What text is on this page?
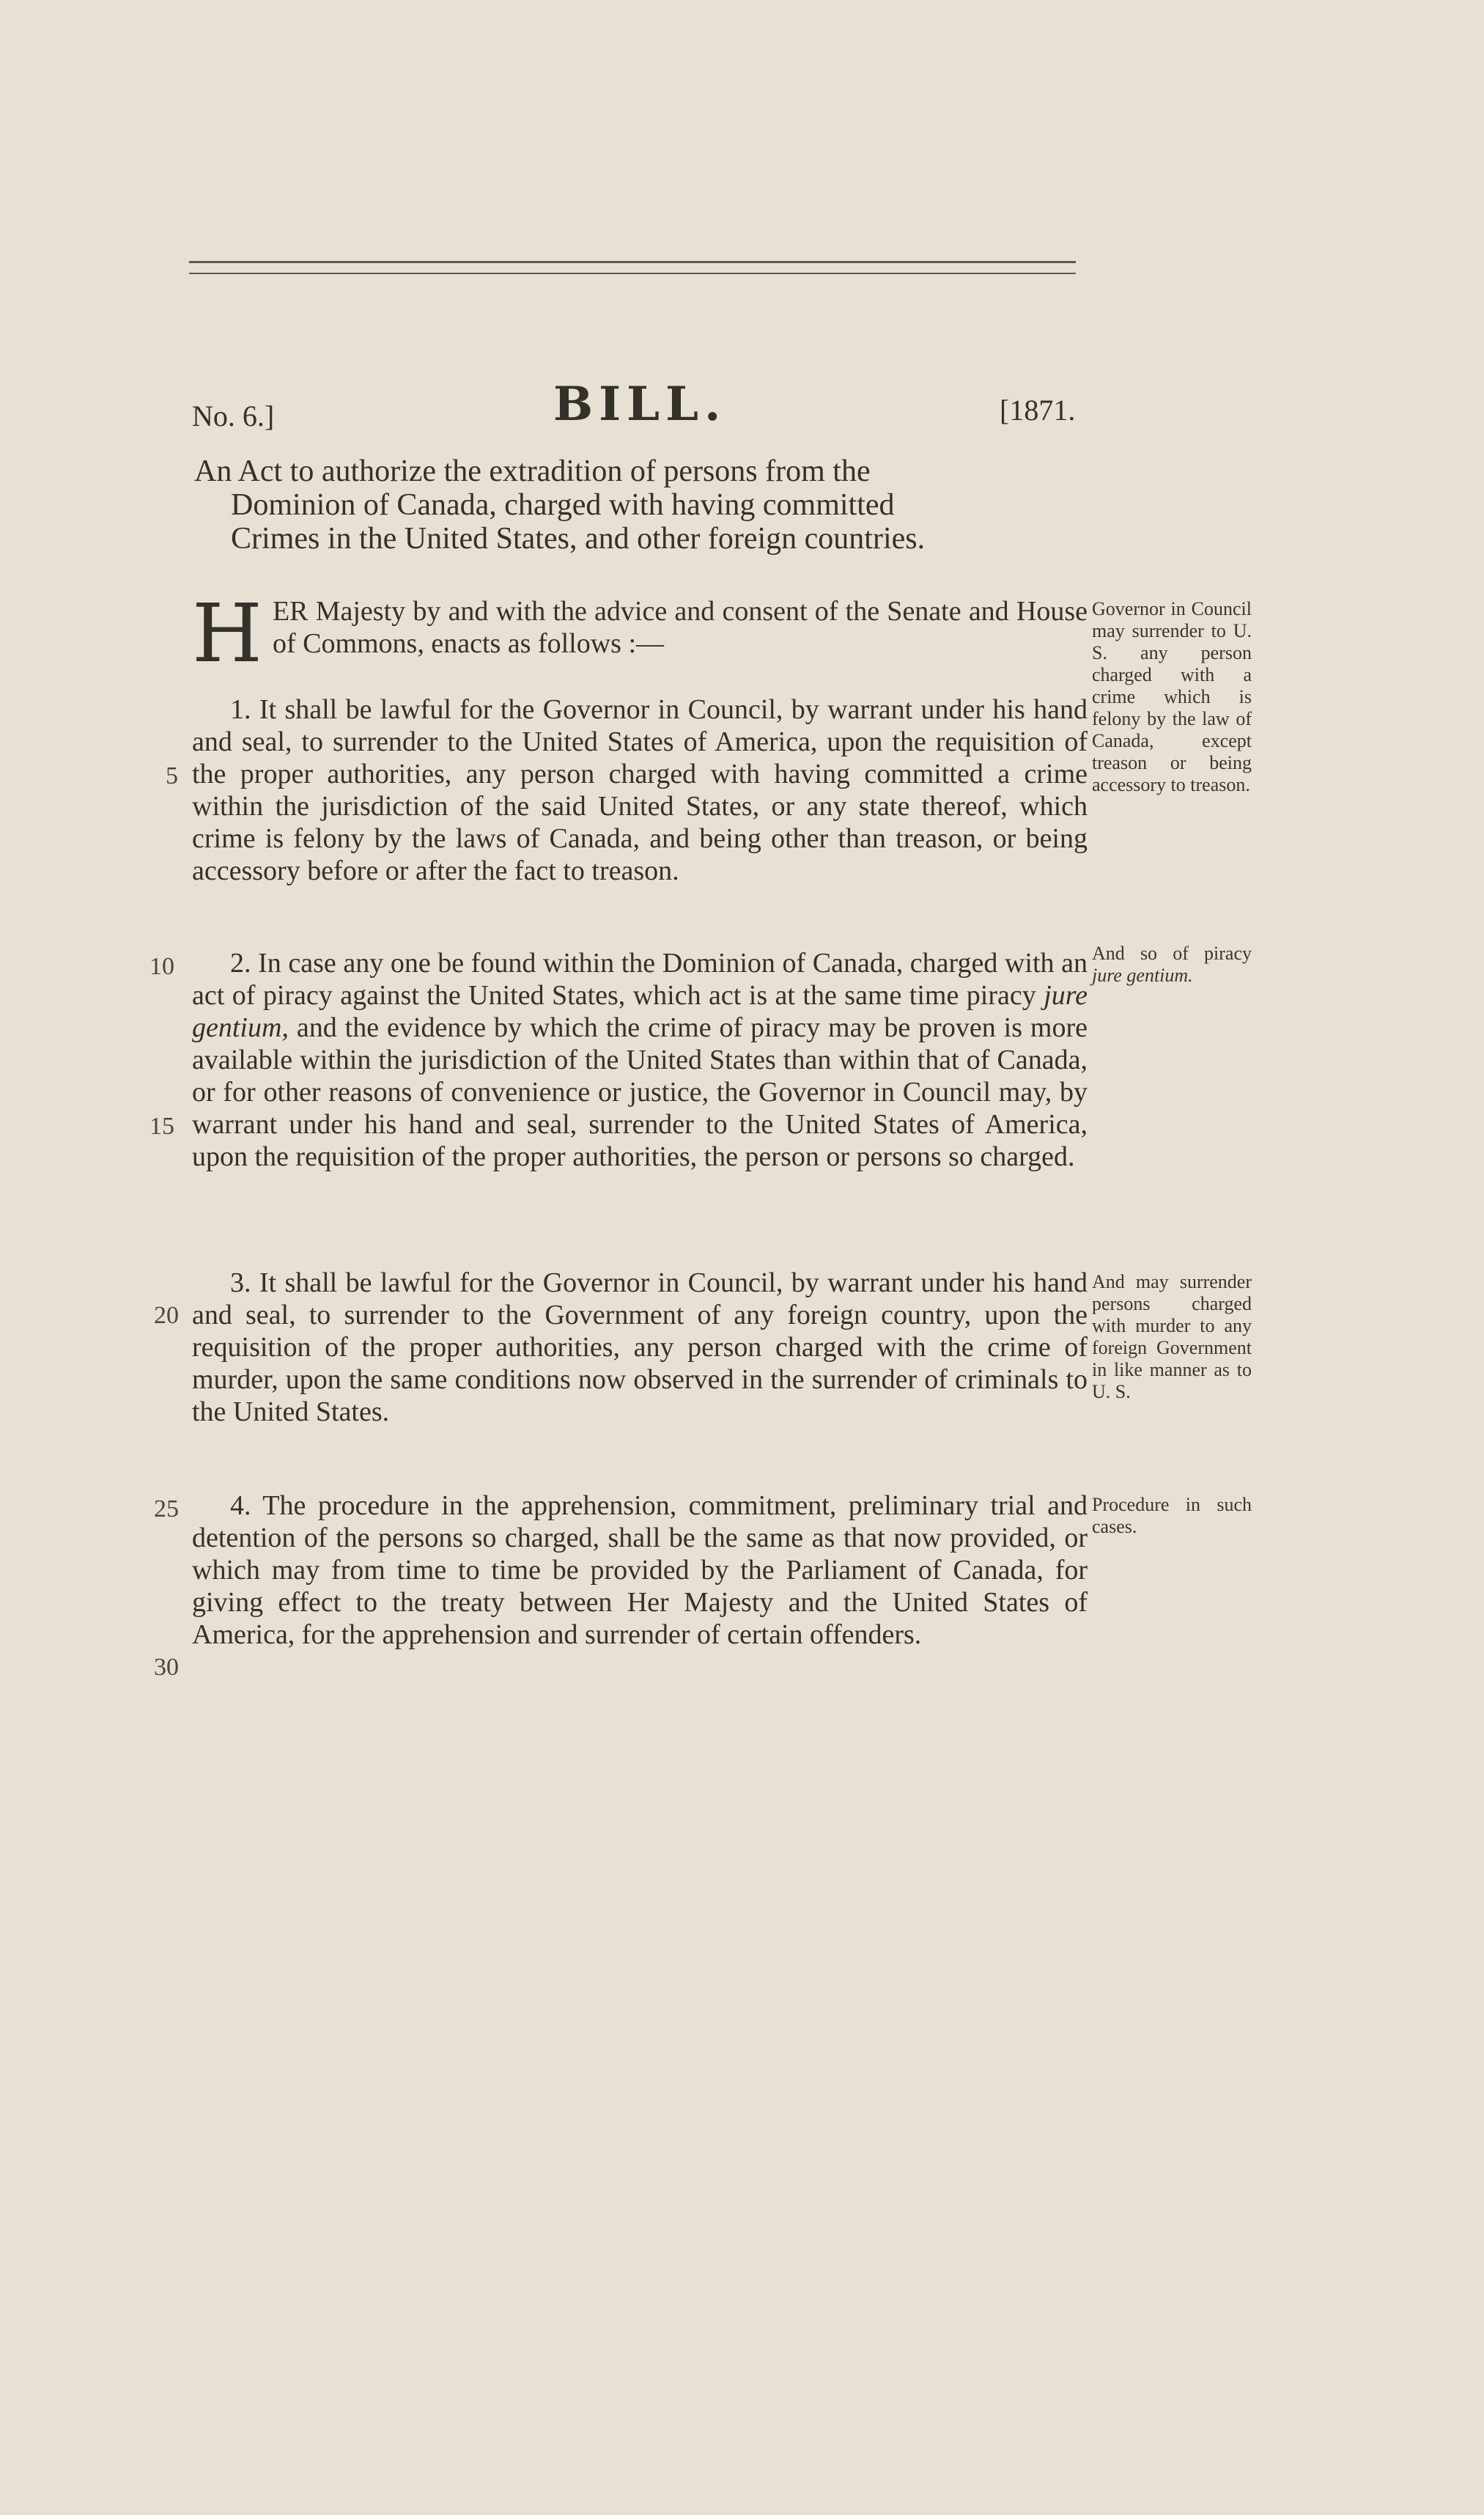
No. 6.]	BILL.	[1871.
An Act to authorize the extradition of persons from the
Dominion of Canada, charged with having committed
Crimes in the United States, and other foreign countries.

H ER Majesty by and with the advice and consent of the Senate and House of Commons, enacts as follows :—

1. It shall be lawful for the Governor in Council, by warrant under his hand and seal, to surrender to the United States of America, upon the requisition of the proper authorities, any person charged with having committed a crime within the jurisdiction of the said United States, or any state thereof, which crime is felony by the laws of Canada, and being other than treason, or being accessory before or after the fact to treason.

2. In case any one be found within the Dominion of Canada, charged with an act of piracy against the United States, which act is at the same time piracy jure gentium, and the evidence by which the crime of piracy may be proven is more available within the jurisdiction of the United States than within that of Canada, or for other reasons of convenience or justice, the Governor in Council may, by warrant under his hand and seal, surrender to the United States of America, upon the requisition of the proper authorities, the person or persons so charged.

3. It shall be lawful for the Governor in Council, by warrant under his hand and seal, to surrender to the Government of any foreign country, upon the requisition of the proper authorities, any person charged with the crime of murder, upon the same conditions now observed in the surrender of criminals to the United States.

4. The procedure in the apprehension, commitment, preliminary trial and detention of the persons so charged, shall be the same as that now provided, or which may from time to time be provided by the Parliament of Canada, for giving effect to the treaty between Her Majesty and the United States of America, for the apprehension and surrender of certain offenders.

Governor in Council may surrender to U. S. any person charged with a crime which is felony by the law of Canada, except treason or being accessory to treason.
And so of piracy jure gentium.
And may surrender persons charged with murder to any foreign Government in like manner as to U. S.
Procedure in such cases.
5
10
15
20
25
30
